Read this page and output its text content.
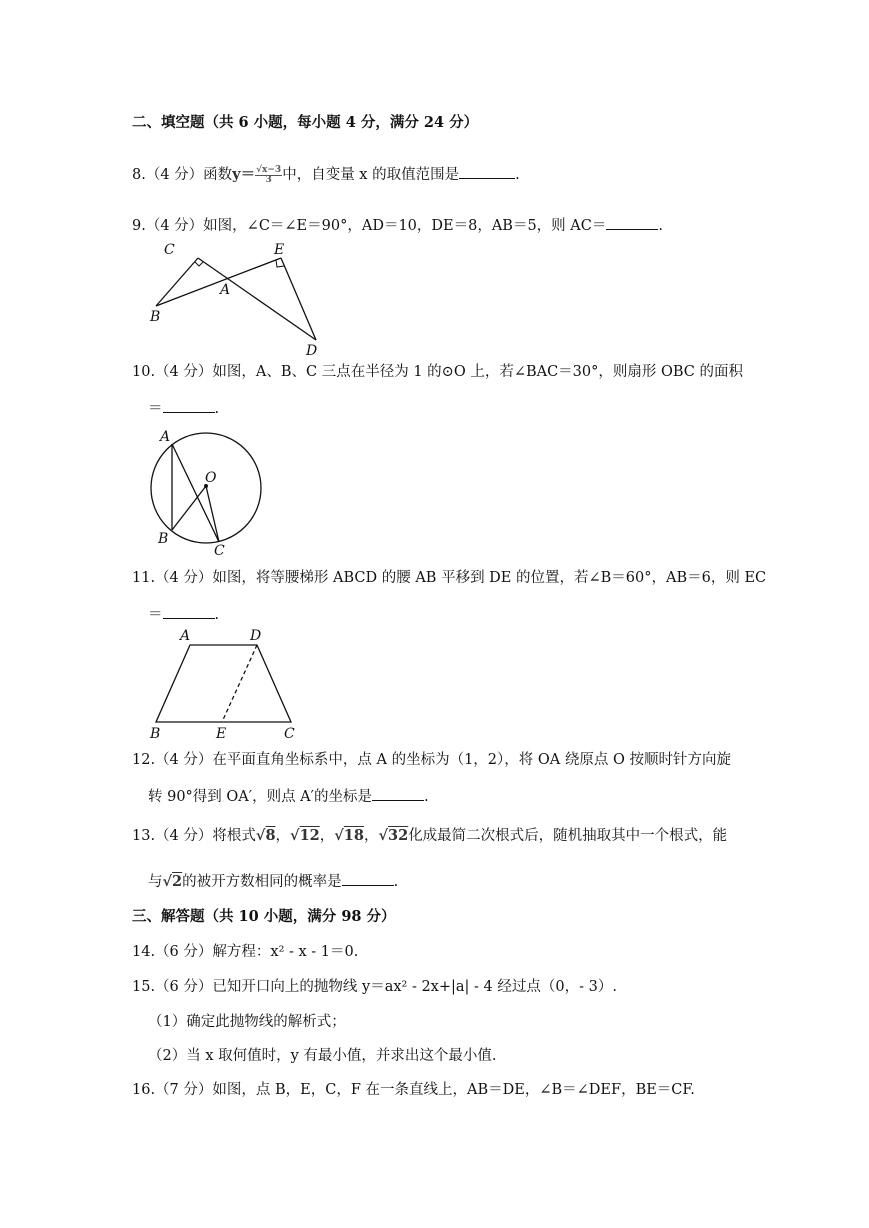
二、填空题（共 6 小题，每小题 4 分，满分 24 分）
8.（4 分）函数$y= \frac{√x-3}{3}$ 中，自变量 x 的取值范围是	.
9.（4 分）如图，∠C＝∠E＝90°，AD＝10，DE＝8，AB＝5，则 AC＝	.
C	E
A
B
D
10.（4 分）如图，A、B、C 三点在半径为 1 的⊙O 上，若∠BAC＝30°，则扇形 OBC 的面积
＝	.
A
O
B
C
11.（4 分）如图，将等腰梯形 ABCD 的腰 AB 平移到 DE 的位置，若∠B＝60°，AB＝6，则 EC
＝	.
A	D
B	E	C
12.（4 分）在平面直角坐标系中，点 A 的坐标为（1，2），将 OA 绕原点 O 按顺时针方向旋
转 90°得到 OA′，则点 A′的坐标是	.
13.（4 分）将根式√8，√12，√18，√32化成最简二次根式后，随机抽取其中一个根式，能
与√2的被开方数相同的概率是	.
三、解答题（共 10 小题，满分 98 分）
14.（6 分）解方程：x² - x - 1＝0.
15.（6 分）已知开口向上的抛物线 y＝ax² - 2x+|a| - 4 经过点（0，- 3）.
（1）确定此抛物线的解析式；
（2）当 x 取何值时，y 有最小值，并求出这个最小值.
16.（7 分）如图，点 B，E，C，F 在一条直线上，AB＝DE，∠B＝∠DEF，BE＝CF.
